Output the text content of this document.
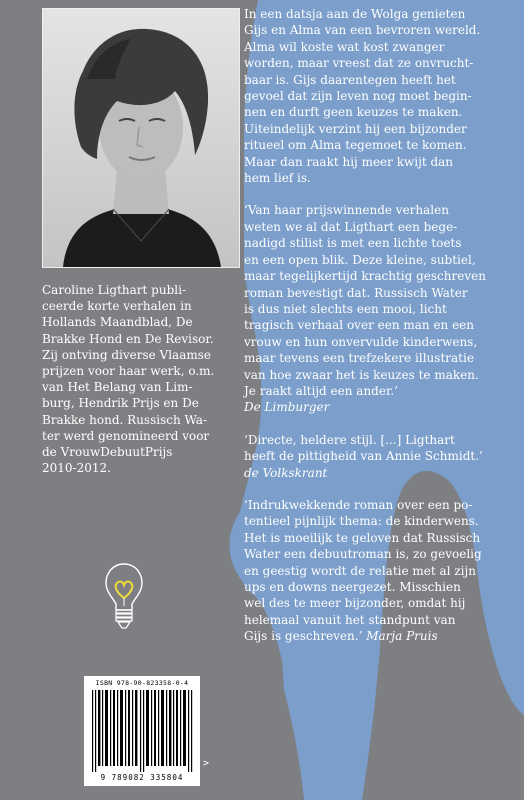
Caroline Ligthart publi-
ceerde korte verhalen in
Hollands Maandblad, De
Brakke Hond en De Revisor.
Zij ontving diverse Vlaamse
prijzen voor haar werk, o.m.
van Het Belang van Lim-
burg, Hendrik Prijs en De
Brakke hond. Russisch Wa-
ter werd genomineerd voor
de VrouwDebuutPrijs
2010-2012.

In een datsja aan de Wolga genieten
Gijs en Alma van een bevroren wereld.
Alma wil koste wat kost zwanger
worden, maar vreest dat ze onvrucht-
baar is. Gijs daarentegen heeft het
gevoel dat zijn leven nog moet begin-
nen en durft geen keuzes te maken.
Uiteindelijk verzint hij een bijzonder
ritueel om Alma tegemoet te komen.
Maar dan raakt hij meer kwijt dan
hem lief is.

‘Van haar prijswinnende verhalen
weten we al dat Ligthart een bege-
nadigd stilist is met een lichte toets
en een open blik. Deze kleine, subtiel,
maar tegelijkertijd krachtig geschreven
roman bevestigt dat. Russisch Water
is dus niet slechts een mooi, licht
tragisch verhaal over een man en een
vrouw en hun onvervulde kinderwens,
maar tevens een trefzekere illustratie
van hoe zwaar het is keuzes te maken.
Je raakt altijd een ander.’
De Limburger

‘Directe, heldere stijl. [...] Ligthart
heeft de pittigheid van Annie Schmidt.’
de Volkskrant

‘Indrukwekkende roman over een po-
tentieel pijnlijk thema: de kinderwens.
Het is moeilijk te geloven dat Russisch
Water een debuutroman is, zo gevoelig
en geestig wordt de relatie met al zijn
ups en downs neergezet. Misschien
wel des te meer bijzonder, omdat hij
helemaal vanuit het standpunt van
Gijs is geschreven.’ Marja Pruis

ISBN 978-90-823358-0-4
9 789082 335804
>
